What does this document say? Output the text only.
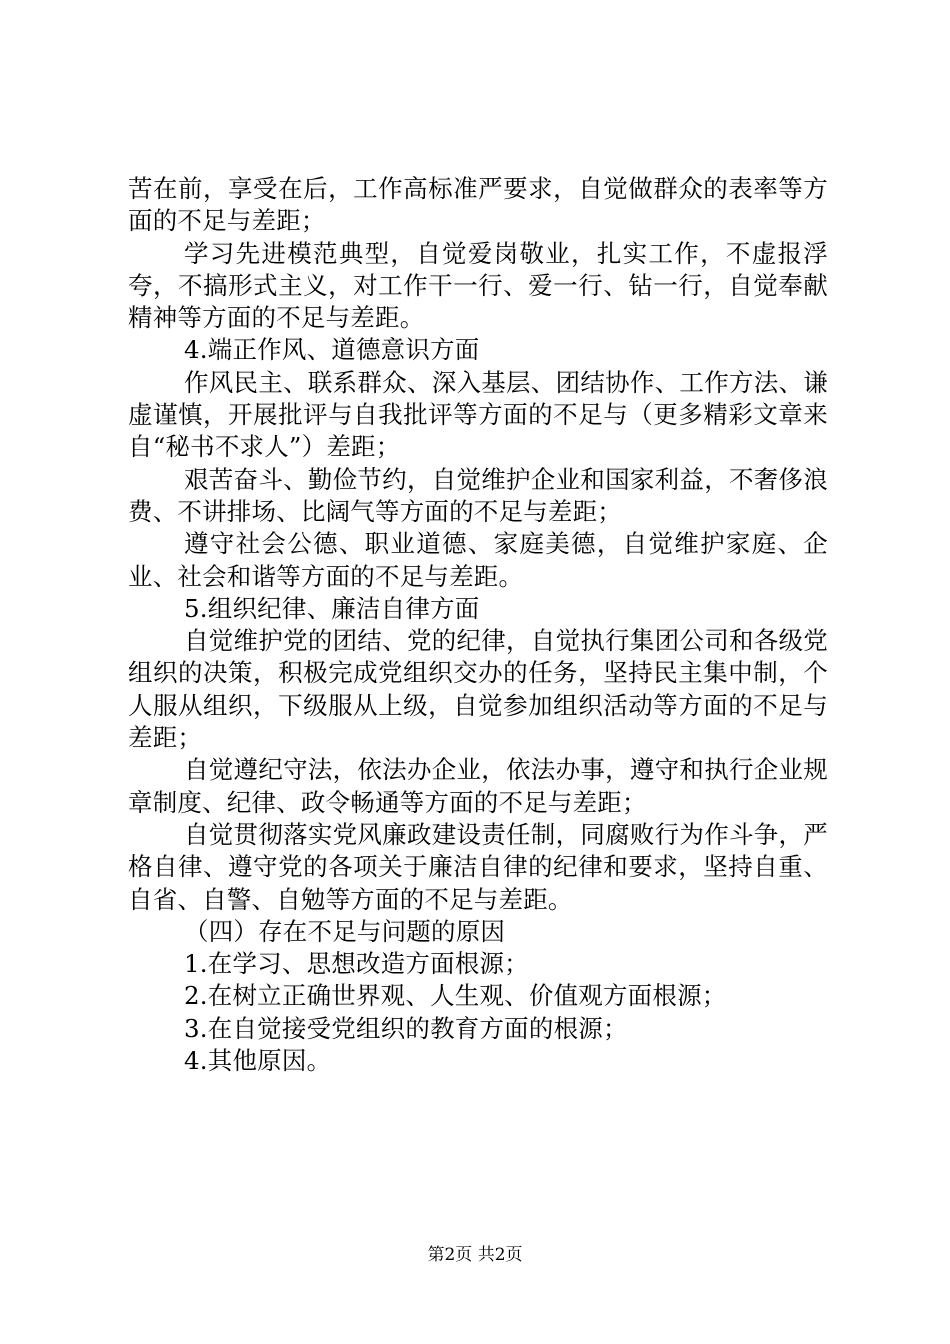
苦在前，享受在后，工作高标准严要求，自觉做群众的表率等方面的不足与差距；

学习先进模范典型，自觉爱岗敬业，扎实工作，不虚报浮夸，不搞形式主义，对工作干一行、爱一行、钻一行，自觉奉献精神等方面的不足与差距。

4.端正作风、道德意识方面

作风民主、联系群众、深入基层、团结协作、工作方法、谦虚谨慎，开展批评与自我批评等方面的不足与（更多精彩文章来自“秘书不求人”）差距；

艰苦奋斗、勤俭节约，自觉维护企业和国家利益，不奢侈浪费、不讲排场、比阔气等方面的不足与差距；

遵守社会公德、职业道德、家庭美德，自觉维护家庭、企业、社会和谐等方面的不足与差距。

5.组织纪律、廉洁自律方面

自觉维护党的团结、党的纪律，自觉执行集团公司和各级党组织的决策，积极完成党组织交办的任务，坚持民主集中制，个人服从组织，下级服从上级，自觉参加组织活动等方面的不足与差距；

自觉遵纪守法，依法办企业，依法办事，遵守和执行企业规章制度、纪律、政令畅通等方面的不足与差距；

自觉贯彻落实党风廉政建设责任制，同腐败行为作斗争，严格自律、遵守党的各项关于廉洁自律的纪律和要求，坚持自重、自省、自警、自勉等方面的不足与差距。

（四）存在不足与问题的原因

1.在学习、思想改造方面根源；

2.在树立正确世界观、人生观、价值观方面根源；

3.在自觉接受党组织的教育方面的根源；

4.其他原因。

第2页 共2页
